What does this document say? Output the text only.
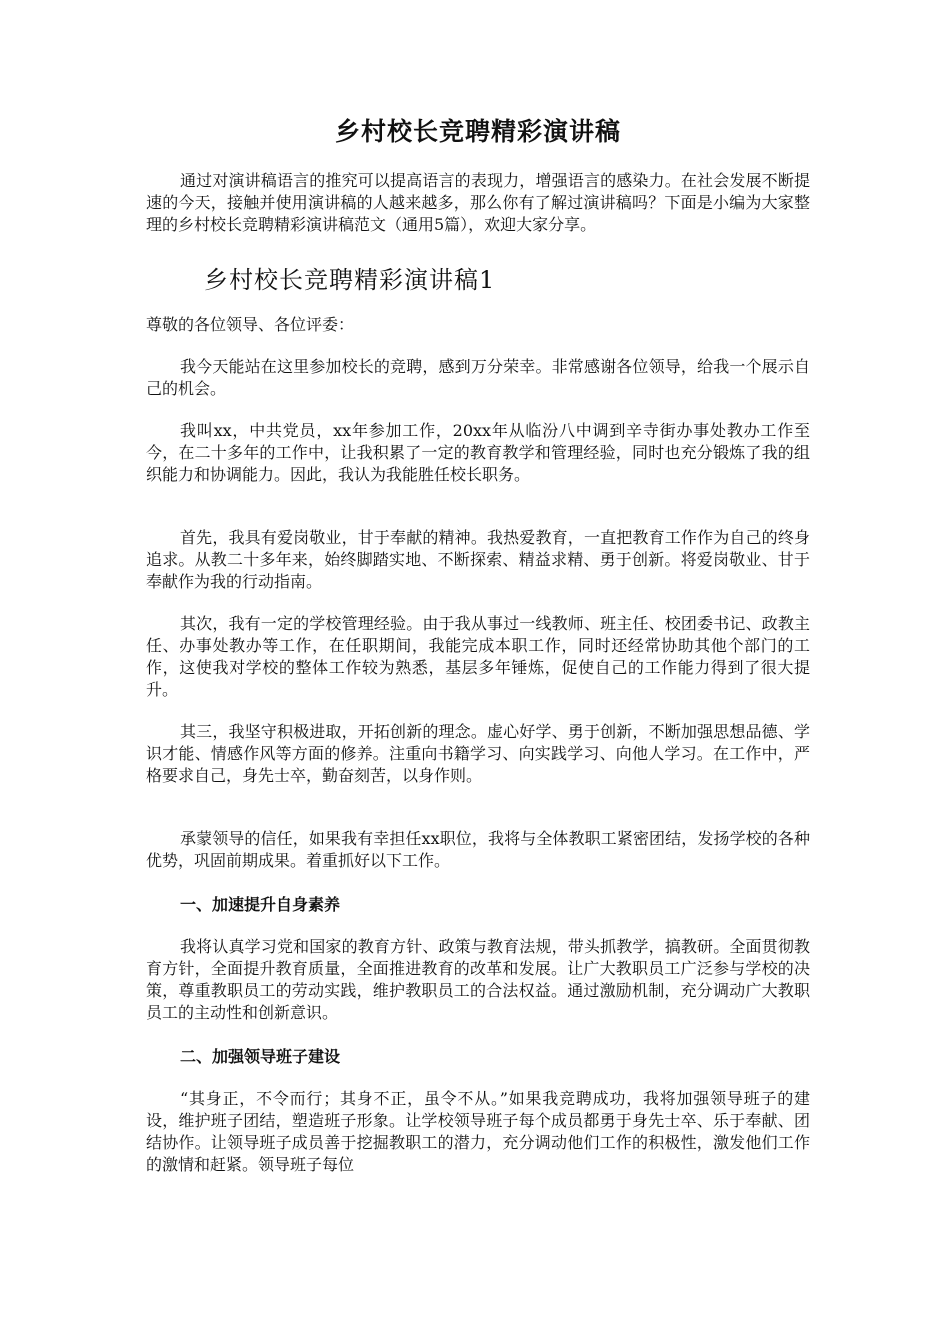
乡村校长竞聘精彩演讲稿

通过对演讲稿语言的推究可以提高语言的表现力，增强语言的感染力。在社会发展不断提速的今天，接触并使用演讲稿的人越来越多，那么你有了解过演讲稿吗？下面是小编为大家整理的乡村校长竞聘精彩演讲稿范文（通用5篇），欢迎大家分享。

乡村校长竞聘精彩演讲稿1

尊敬的各位领导、各位评委：

我今天能站在这里参加校长的竞聘，感到万分荣幸。非常感谢各位领导，给我一个展示自己的机会。

我叫xx，中共党员，xx年参加工作，20xx年从临汾八中调到辛寺街办事处教办工作至今，在二十多年的工作中，让我积累了一定的教育教学和管理经验，同时也充分锻炼了我的组织能力和协调能力。因此，我认为我能胜任校长职务。

首先，我具有爱岗敬业，甘于奉献的精神。我热爱教育，一直把教育工作作为自己的终身追求。从教二十多年来，始终脚踏实地、不断探索、精益求精、勇于创新。将爱岗敬业、甘于奉献作为我的行动指南。

其次，我有一定的学校管理经验。由于我从事过一线教师、班主任、校团委书记、政教主任、办事处教办等工作，在任职期间，我能完成本职工作，同时还经常协助其他个部门的工作，这使我对学校的整体工作较为熟悉，基层多年锤炼，促使自己的工作能力得到了很大提升。

其三，我坚守积极进取，开拓创新的理念。虚心好学、勇于创新，不断加强思想品德、学识才能、情感作风等方面的修养。注重向书籍学习、向实践学习、向他人学习。在工作中，严格要求自己，身先士卒，勤奋刻苦，以身作则。

承蒙领导的信任，如果我有幸担任xx职位，我将与全体教职工紧密团结，发扬学校的各种优势，巩固前期成果。着重抓好以下工作。

一、加速提升自身素养

我将认真学习党和国家的教育方针、政策与教育法规，带头抓教学，搞教研。全面贯彻教育方针，全面提升教育质量，全面推进教育的改革和发展。让广大教职员工广泛参与学校的决策，尊重教职员工的劳动实践，维护教职员工的合法权益。通过激励机制，充分调动广大教职员工的主动性和创新意识。

二、加强领导班子建设

“其身正，不令而行；其身不正，虽令不从。”如果我竞聘成功，我将加强领导班子的建设，维护班子团结，塑造班子形象。让学校领导班子每个成员都勇于身先士卒、乐于奉献、团结协作。让领导班子成员善于挖掘教职工的潜力，充分调动他们工作的积极性，激发他们工作的激情和赶紧。领导班子每位
